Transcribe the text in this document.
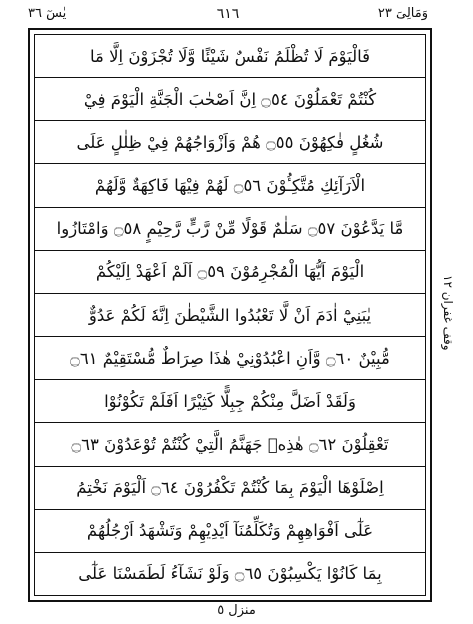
وَمَالِیَ ٢٣
٦١٦
یٰسٓ ٣٦
فَالْيَوْمَ لَا تُظْلَمُ نَفْسٌ شَيْئًا وَّلَا تُجْزَوْنَ اِلَّا مَا
كُنْتُمْ تَعْمَلُوْنَ ۝٥٤ اِنَّ اَصْحٰبَ الْجَنَّةِ الْيَوْمَ فِيْ
شُغُلٍ فٰكِهُوْنَ ۝٥٥ هُمْ وَاَزْوَاجُهُمْ فِيْ ظِلٰلٍ عَلَى
الْاَرَآئِكِ مُتَّكِـُٔوْنَ ۝٥٦ لَهُمْ فِيْهَا فَاكِهَةٌ وَّلَهُمْ
مَّا يَدَّعُوْنَ ۝٥٧ سَلٰمٌ قَوْلًا مِّنْ رَّبٍّ رَّحِيْمٍ ۝٥٨ وَامْتَازُوا
الْيَوْمَ اَيُّهَا الْمُجْرِمُوْنَ ۝٥٩ اَلَمْ اَعْهَدْ اِلَيْكُمْ
يٰبَنِيْٓ اٰدَمَ اَنْ لَّا تَعْبُدُوا الشَّيْطٰنَ اِنَّهٗ لَكُمْ عَدُوٌّ
مُّبِيْنٌ ۝٦٠ وَّاَنِ اعْبُدُوْنِيْ هٰذَا صِرَاطٌ مُّسْتَقِيْمٌ ۝٦١
وَلَقَدْ اَضَلَّ مِنْكُمْ جِبِلًّا كَثِيْرًا اَفَلَمْ تَكُوْنُوْا
تَعْقِلُوْنَ ۝٦٢ هٰذِهٖ جَهَنَّمُ الَّتِيْ كُنْتُمْ تُوْعَدُوْنَ ۝٦٣
اِصْلَوْهَا الْيَوْمَ بِمَا كُنْتُمْ تَكْفُرُوْنَ ۝٦٤ اَلْيَوْمَ نَخْتِمُ
عَلٰٓى اَفْوَاهِهِمْ وَتُكَلِّمُنَآ اَيْدِيْهِمْ وَتَشْهَدُ اَرْجُلُهُمْ
بِمَا كَانُوْا يَكْسِبُوْنَ ۝٦٥ وَلَوْ نَشَآءُ لَطَمَسْنَا عَلٰٓى
وقف غفران ۱۲
منزل ٥
